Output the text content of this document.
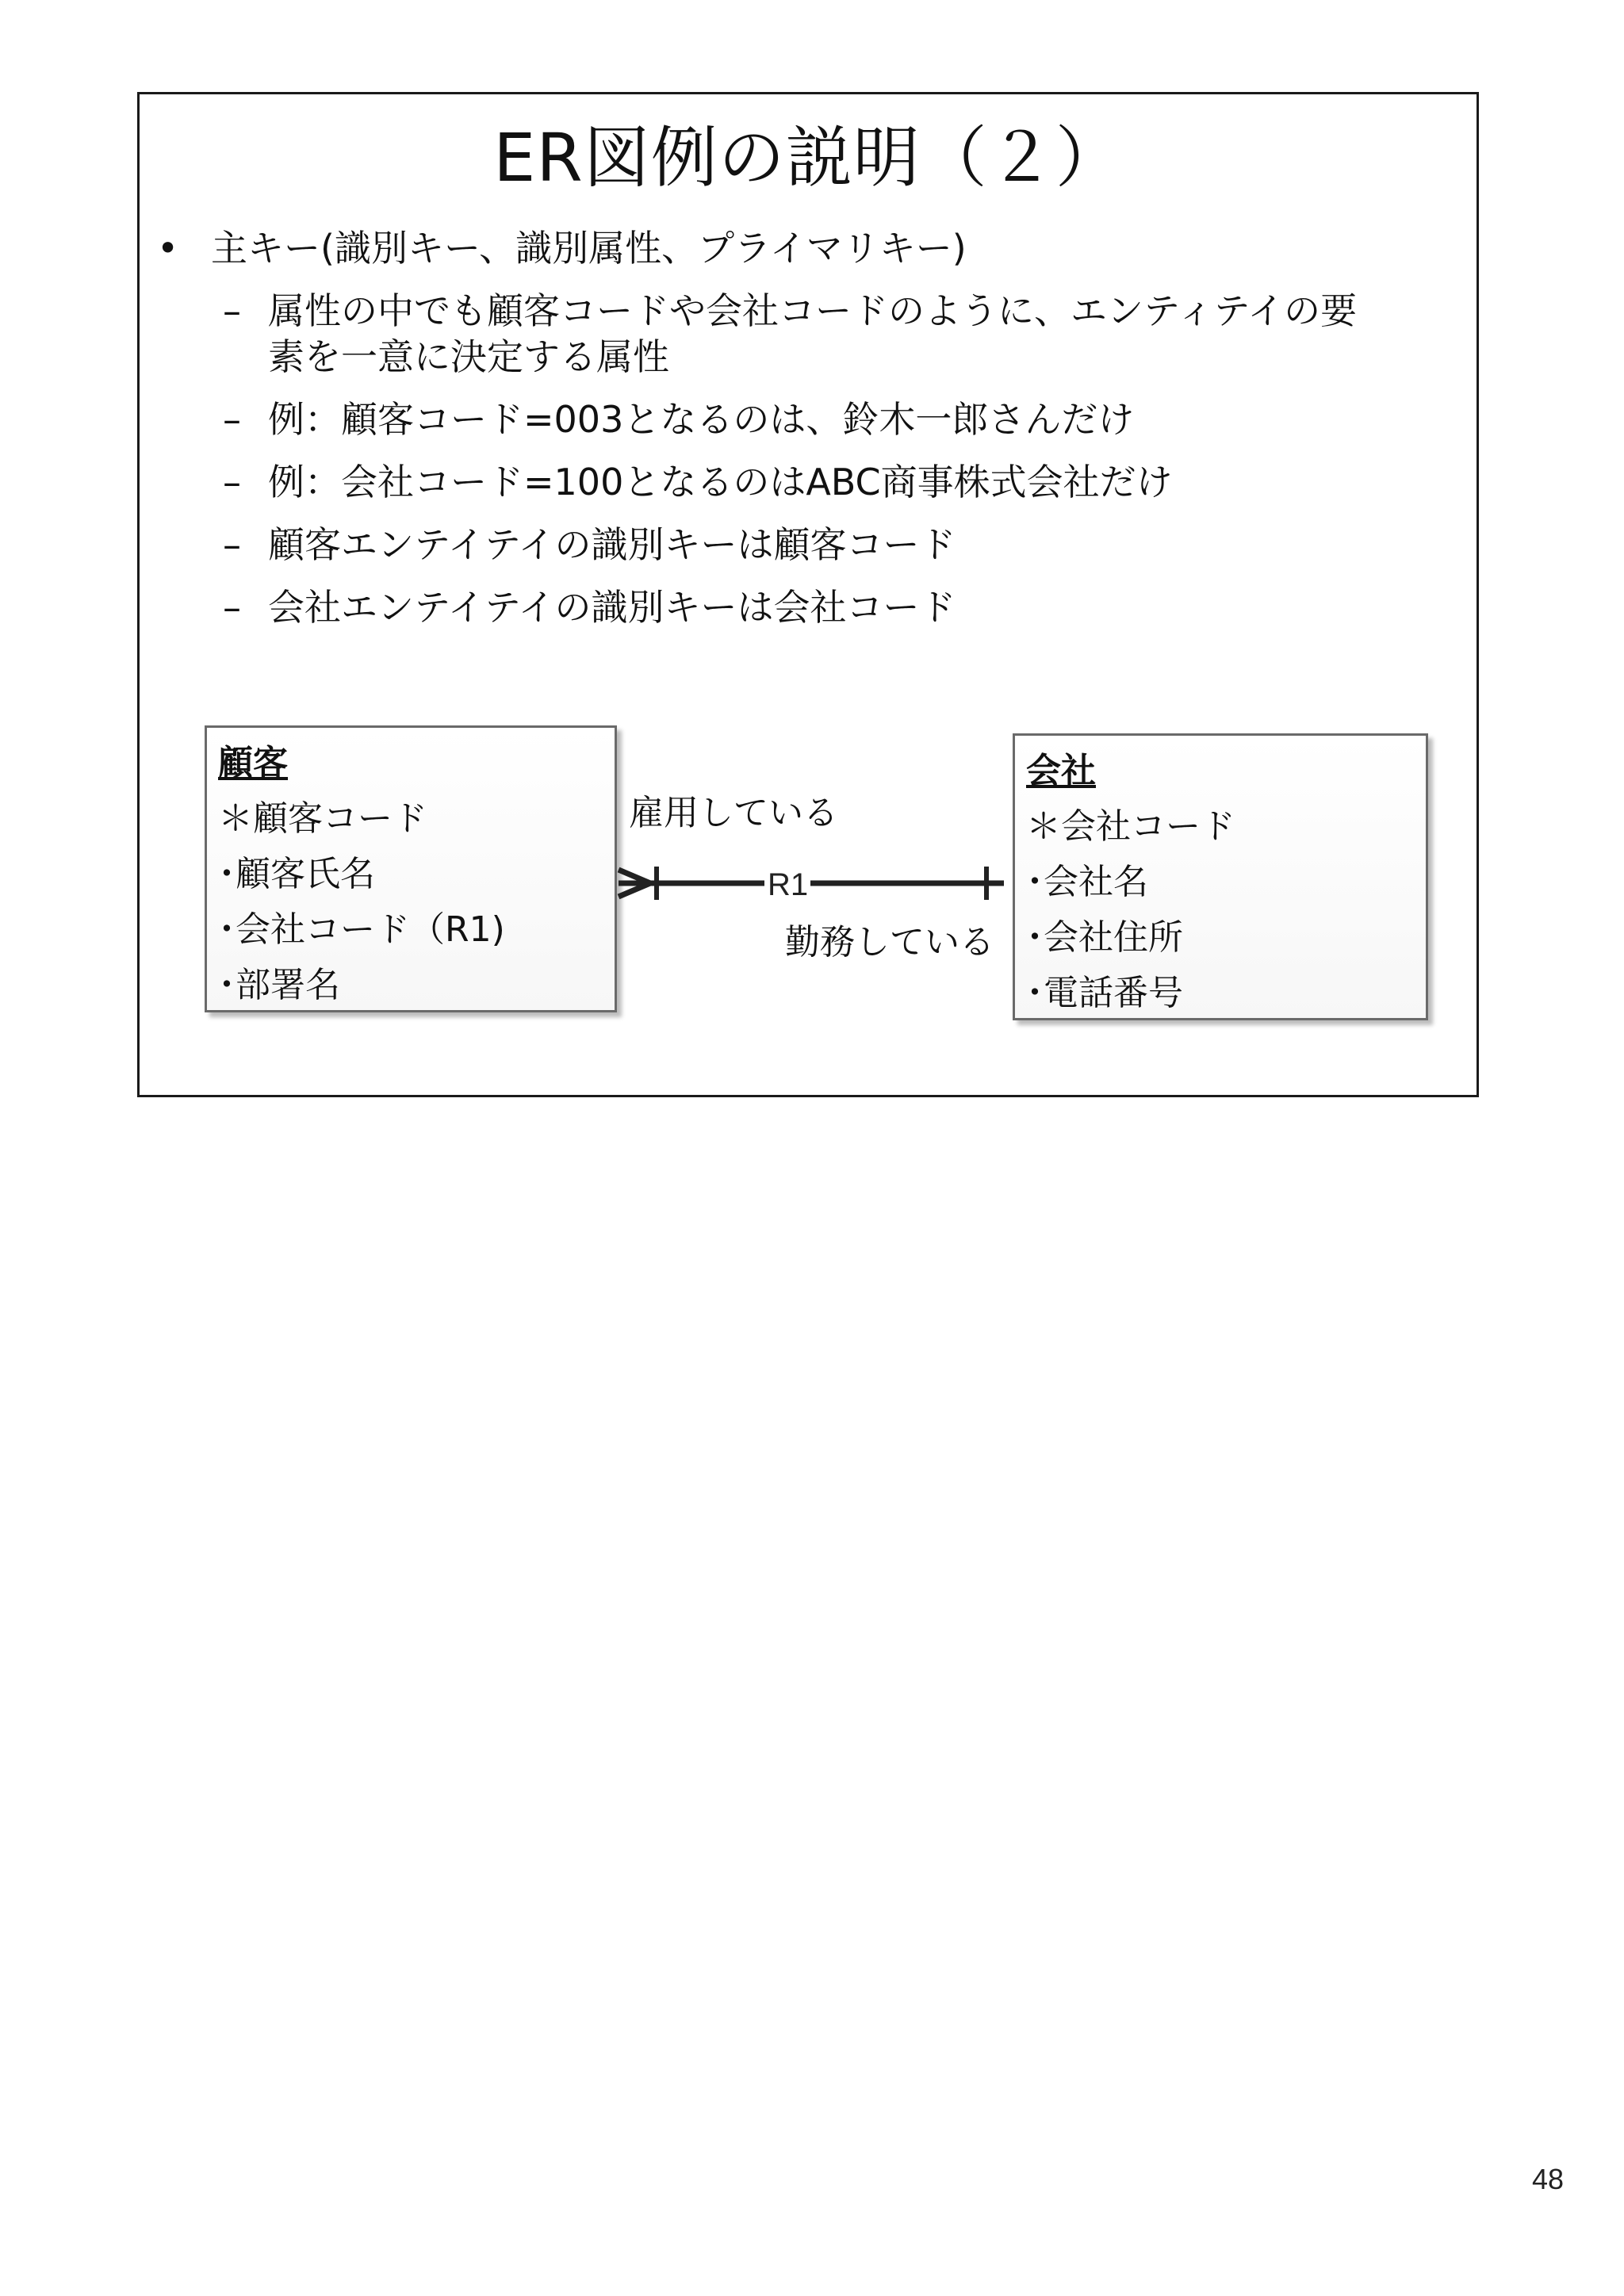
ER図例の説明（２）
• 主キー(識別キー、識別属性、プライマリキー)
– 属性の中でも顧客コードや会社コードのように、エンティテイの要
素を一意に決定する属性
– 例：顧客コード=003となるのは、鈴木一郎さんだけ
– 例：会社コード=100となるのはABC商事株式会社だけ
– 顧客エンテイテイの識別キーは顧客コード
– 会社エンテイテイの識別キーは会社コード
顧客
＊顧客コード
･顧客氏名
･会社コード（R1)
･部署名
雇用している
勤務している
R1
会社
＊会社コード
･会社名
･会社住所
･電話番号
48
